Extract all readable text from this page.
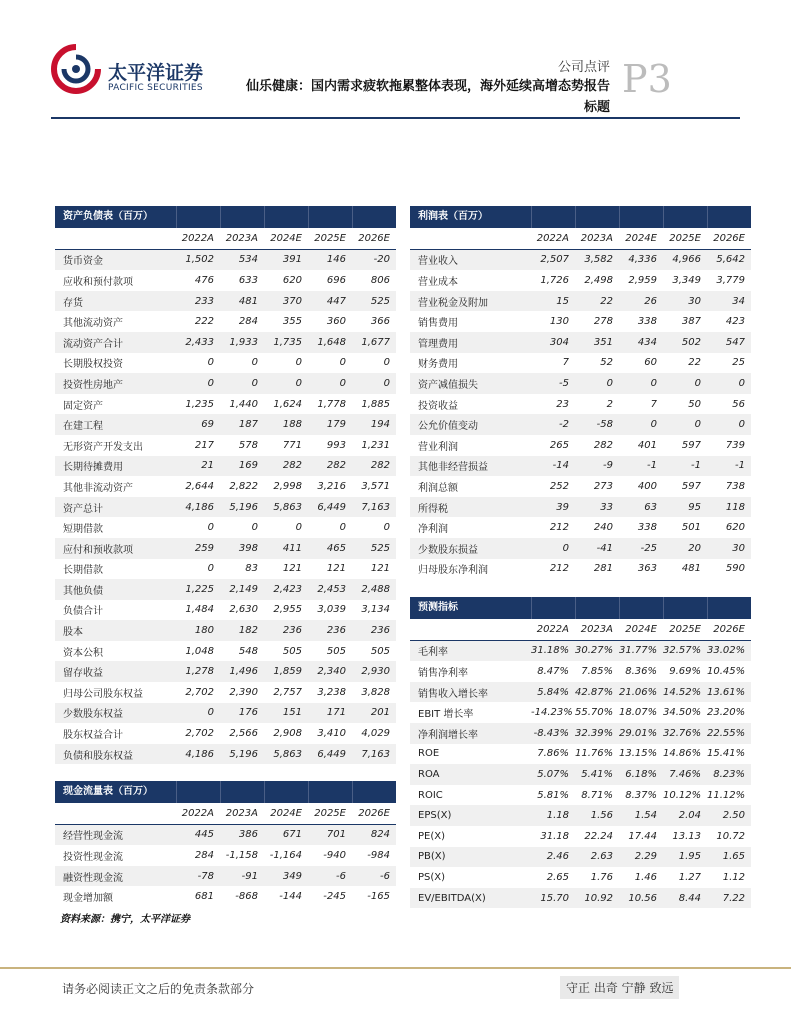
太平洋证券
PACIFIC SECURITIES
公司点评
仙乐健康：国内需求疲软拖累整体表现，海外延续高增态势报告
标题
P3
资产负债表（百万）
	2022A	2023A	2024E	2025E	2026E
货币资金	1,502	534	391	146	-20
应收和预付款项	476	633	620	696	806
存货	233	481	370	447	525
其他流动资产	222	284	355	360	366
流动资产合计	2,433	1,933	1,735	1,648	1,677
长期股权投资	0	0	0	0	0
投资性房地产	0	0	0	0	0
固定资产	1,235	1,440	1,624	1,778	1,885
在建工程	69	187	188	179	194
无形资产开发支出	217	578	771	993	1,231
长期待摊费用	21	169	282	282	282
其他非流动资产	2,644	2,822	2,998	3,216	3,571
资产总计	4,186	5,196	5,863	6,449	7,163
短期借款	0	0	0	0	0
应付和预收款项	259	398	411	465	525
长期借款	0	83	121	121	121
其他负债	1,225	2,149	2,423	2,453	2,488
负债合计	1,484	2,630	2,955	3,039	3,134
股本	180	182	236	236	236
资本公积	1,048	548	505	505	505
留存收益	1,278	1,496	1,859	2,340	2,930
归母公司股东权益	2,702	2,390	2,757	3,238	3,828
少数股东权益	0	176	151	171	201
股东权益合计	2,702	2,566	2,908	3,410	4,029
负债和股东权益	4,186	5,196	5,863	6,449	7,163
利润表（百万）
	2022A	2023A	2024E	2025E	2026E
营业收入	2,507	3,582	4,336	4,966	5,642
营业成本	1,726	2,498	2,959	3,349	3,779
营业税金及附加	15	22	26	30	34
销售费用	130	278	338	387	423
管理费用	304	351	434	502	547
财务费用	7	52	60	22	25
资产减值损失	-5	0	0	0	0
投资收益	23	2	7	50	56
公允价值变动	-2	-58	0	0	0
营业利润	265	282	401	597	739
其他非经营损益	-14	-9	-1	-1	-1
利润总额	252	273	400	597	738
所得税	39	33	63	95	118
净利润	212	240	338	501	620
少数股东损益	0	-41	-25	20	30
归母股东净利润	212	281	363	481	590
预测指标
	2022A	2023A	2024E	2025E	2026E
毛利率	31.18%	30.27%	31.77%	32.57%	33.02%
销售净利率	8.47%	7.85%	8.36%	9.69%	10.45%
销售收入增长率	5.84%	42.87%	21.06%	14.52%	13.61%
EBIT 增长率	-14.23%	55.70%	18.07%	34.50%	23.20%
净利润增长率	-8.43%	32.39%	29.01%	32.76%	22.55%
ROE	7.86%	11.76%	13.15%	14.86%	15.41%
ROA	5.07%	5.41%	6.18%	7.46%	8.23%
ROIC	5.81%	8.71%	8.37%	10.12%	11.12%
EPS(X)	1.18	1.56	1.54	2.04	2.50
PE(X)	31.18	22.24	17.44	13.13	10.72
PB(X)	2.46	2.63	2.29	1.95	1.65
PS(X)	2.65	1.76	1.46	1.27	1.12
EV/EBITDA(X)	15.70	10.92	10.56	8.44	7.22
现金流量表（百万）
	2022A	2023A	2024E	2025E	2026E
经营性现金流	445	386	671	701	824
投资性现金流	284	-1,158	-1,164	-940	-984
融资性现金流	-78	-91	349	-6	-6
现金增加额	681	-868	-144	-245	-165
资料来源：携宁，太平洋证券
请务必阅读正文之后的免责条款部分	守正 出奇 宁静 致远
